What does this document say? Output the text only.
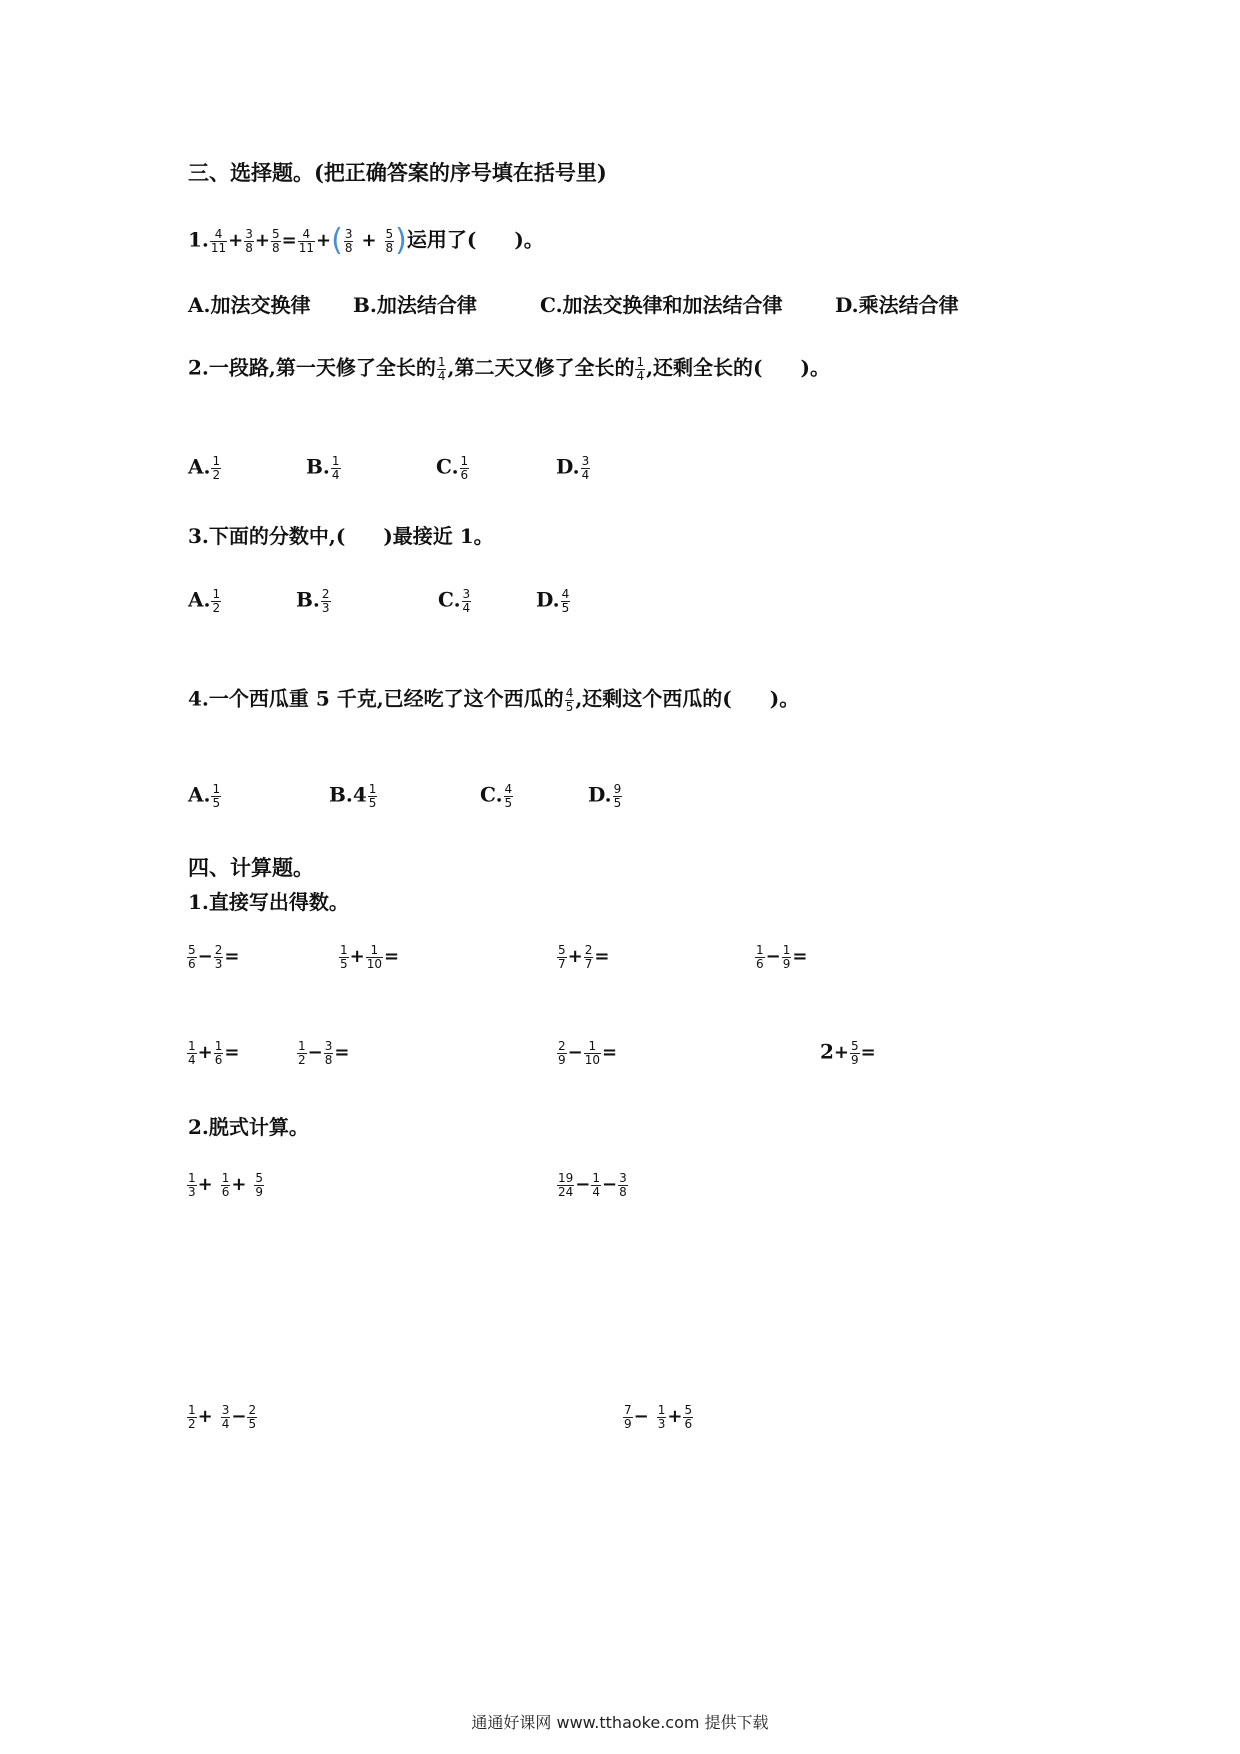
三、选择题。(把正确答案的序号填在括号里)
1. $\frac{4}{11} + \frac{3}{8} + \frac{5}{8} = \frac{4}{11}$ +( $\frac{3}{8} + \frac{5}{8}$ )运用了( )。
A.加法交换律 B.加法结合律	C.加法交换律和加法结合律	D.乘法结合律
2.一段路,第一天修了全长的 $\frac{1}{4}$ ,第二天又修了全长的 $\frac{1}{4}$ ,还剩全长的( )。
A. $\frac{1}{2}$	B. $\frac{1}{4}$	C. $\frac{1}{6}$	D. $\frac{3}{4}$
3.下面的分数中,( )最接近 1。
A. $\frac{1}{2}$	B. $\frac{2}{3}$	C. $\frac{3}{4}$	D. $\frac{4}{5}$
4.一个西瓜重 5 千克,已经吃了这个西瓜的 $\frac{4}{5}$ ,还剩这个西瓜的( )。
A. $\frac{1}{5}$	$B.4 \frac{1}{5}$	C. $\frac{4}{5}$	D. $\frac{9}{5}$
四、计算题。
1.直接写出得数。
$\frac{5}{6} - \frac{2}{3}$ =	$\frac{1}{5} + \frac{1}{10}$ =	$\frac{5}{7} + \frac{2}{7}$ =	$\frac{1}{6} - \frac{1}{9}$ =
$\frac{1}{4} + \frac{1}{6}$ =	$\frac{1}{2} - \frac{3}{8}$ =	$\frac{2}{9} - \frac{1}{10}$ =	$2+ \frac{5}{9}$ =
2.脱式计算。
$\frac{1}{3} + \frac{1}{6} + \frac{5}{9}$	$\frac{19}{24} - \frac{1}{4} - \frac{3}{8}$
$\frac{1}{2} + \frac{3}{4} - \frac{2}{5}$	$\frac{7}{9} - \frac{1}{3} + \frac{5}{6}$
通通好课网 www.tthaoke.com 提供下载
